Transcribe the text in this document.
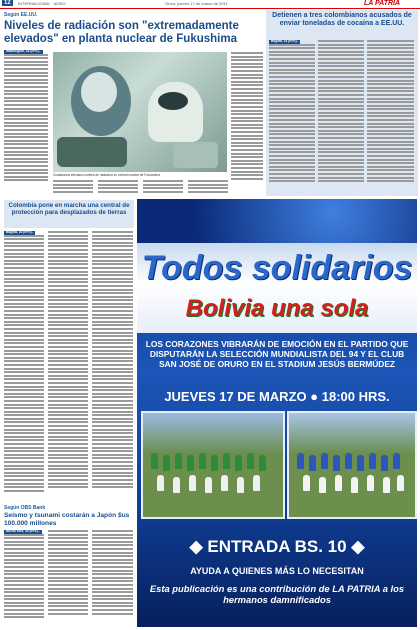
12	INTERNACIONAL · AVISO	Oruro, jueves 17 de marzo de 2011	LA PATRIA
Según EE.UU.
Niveles de radiación son "extremadamente elevados" en planta nuclear de Fukushima
Washington, 16 (EFE).-
Ciudadanos elevados niveles de radiación en central nuclear de Fukushima
Detienen a tres colombianos acusados de enviar toneladas de cocaína a EE.UU.
Bogotá, 16 (EFE).-
Colombia pone en marcha una central de protección para desplazados de tierras
Bogotá, 16 (EFE).-
Según OBS Bank
Seísmo y tsunami costarán a Japón $us 100.000 millones
Nueva York, 16 (EFE).-
Todos solidarios
Bolivia una sola
LOS CORAZONES VIBRARÁN DE EMOCIÓN EN EL PARTIDO QUE DISPUTARÁN LA SELECCIÓN MUNDIALISTA DEL 94 Y EL CLUB SAN JOSÉ DE ORURO EN EL STADIUM JESÚS BERMÚDEZ
JUEVES 17 DE MARZO ● 18:00 HRS.
◆ ENTRADA BS. 10 ◆
AYUDA A QUIENES MÁS LO NECESITAN
Esta publicación es una contribución de LA PATRIA a los hermanos damnificados
